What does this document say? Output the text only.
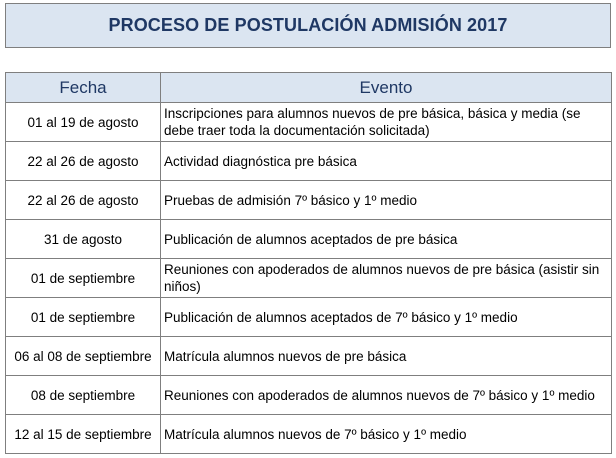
PROCESO DE POSTULACIÓN ADMISIÓN 2017
Fecha	Evento
01 al 19 de agosto	Inscripciones para alumnos nuevos de pre básica, básica y media (se debe traer toda la documentación solicitada)
22 al 26 de agosto	Actividad diagnóstica pre básica
22 al 26 de agosto	Pruebas de admisión 7º básico y 1º medio
31 de agosto	Publicación de alumnos aceptados de pre básica
01 de septiembre	Reuniones con apoderados de alumnos nuevos de pre básica (asistir sin niños)
01 de septiembre	Publicación de alumnos aceptados de 7º básico y 1º medio
06 al 08 de septiembre	Matrícula alumnos nuevos de pre básica
08 de septiembre	Reuniones con apoderados de alumnos nuevos de 7º básico y 1º medio
12 al 15 de septiembre	Matrícula alumnos nuevos de 7º básico y 1º medio
